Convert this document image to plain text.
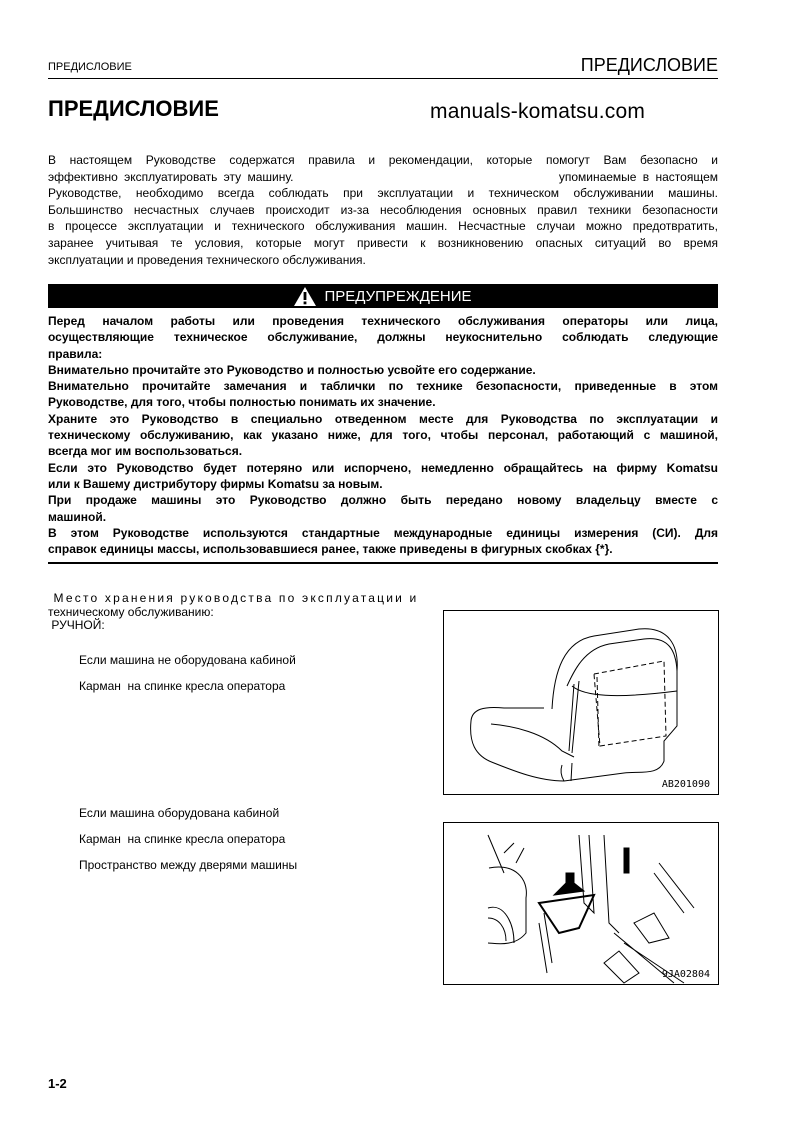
ПРЕДИСЛОВИЕ	ПРЕДИСЛОВИЕ
ПРЕДИСЛОВИЕ	manuals-komatsu.com
В настоящем Руководстве содержатся правила и рекомендации, которые помогут Вам безопасно и
эффективно эксплуатировать эту машину.                                          упоминаемые в настоящем
Руководстве, необходимо всегда соблюдать при эксплуатации и техническом обслуживании машины.
Большинство несчастных случаев происходит из-за несоблюдения основных правил техники безопасности
в процессе эксплуатации и технического обслуживания машин. Несчастные случаи можно предотвратить,
заранее учитывая те условия, которые могут привести к возникновению опасных ситуаций во время
эксплуатации и проведения технического обслуживания.
ПРЕДУПРЕЖДЕНИЕ
Перед началом работы или проведения технического обслуживания операторы или лица,
осуществляющие техническое обслуживание, должны неукоснительно соблюдать следующие
правила:
Внимательно прочитайте это Руководство и полностью усвойте его содержание.
Внимательно прочитайте замечания и таблички по технике безопасности, приведенные в этом
Руководстве, для того, чтобы полностью понимать их значение.
Храните это Руководство в специально отведенном месте для Руководства по эксплуатации и
техническому обслуживанию, как указано ниже, для того, чтобы персонал, работающий с машиной,
всегда мог им воспользоваться.
Если это Руководство будет потеряно или испорчено, немедленно обращайтесь на фирму Komatsu
или к Вашему дистрибутору фирмы Komatsu за новым.
При продаже машины это Руководство должно быть передано новому владельцу вместе с
машиной.
В этом Руководстве используются стандартные международные единицы измерения (СИ). Для
справок единицы массы, использовавшиеся ранее, также приведены в фигурных скобках {*}.
Место хранения руководства по эксплуатации и
техническому обслуживанию:
РУЧНОЙ:
Если машина не оборудована кабиной
Карман  на спинке кресла оператора
Если машина оборудована кабиной
Карман  на спинке кресла оператора
Пространство между дверями машины
AB201090
9JA02804
1-2
